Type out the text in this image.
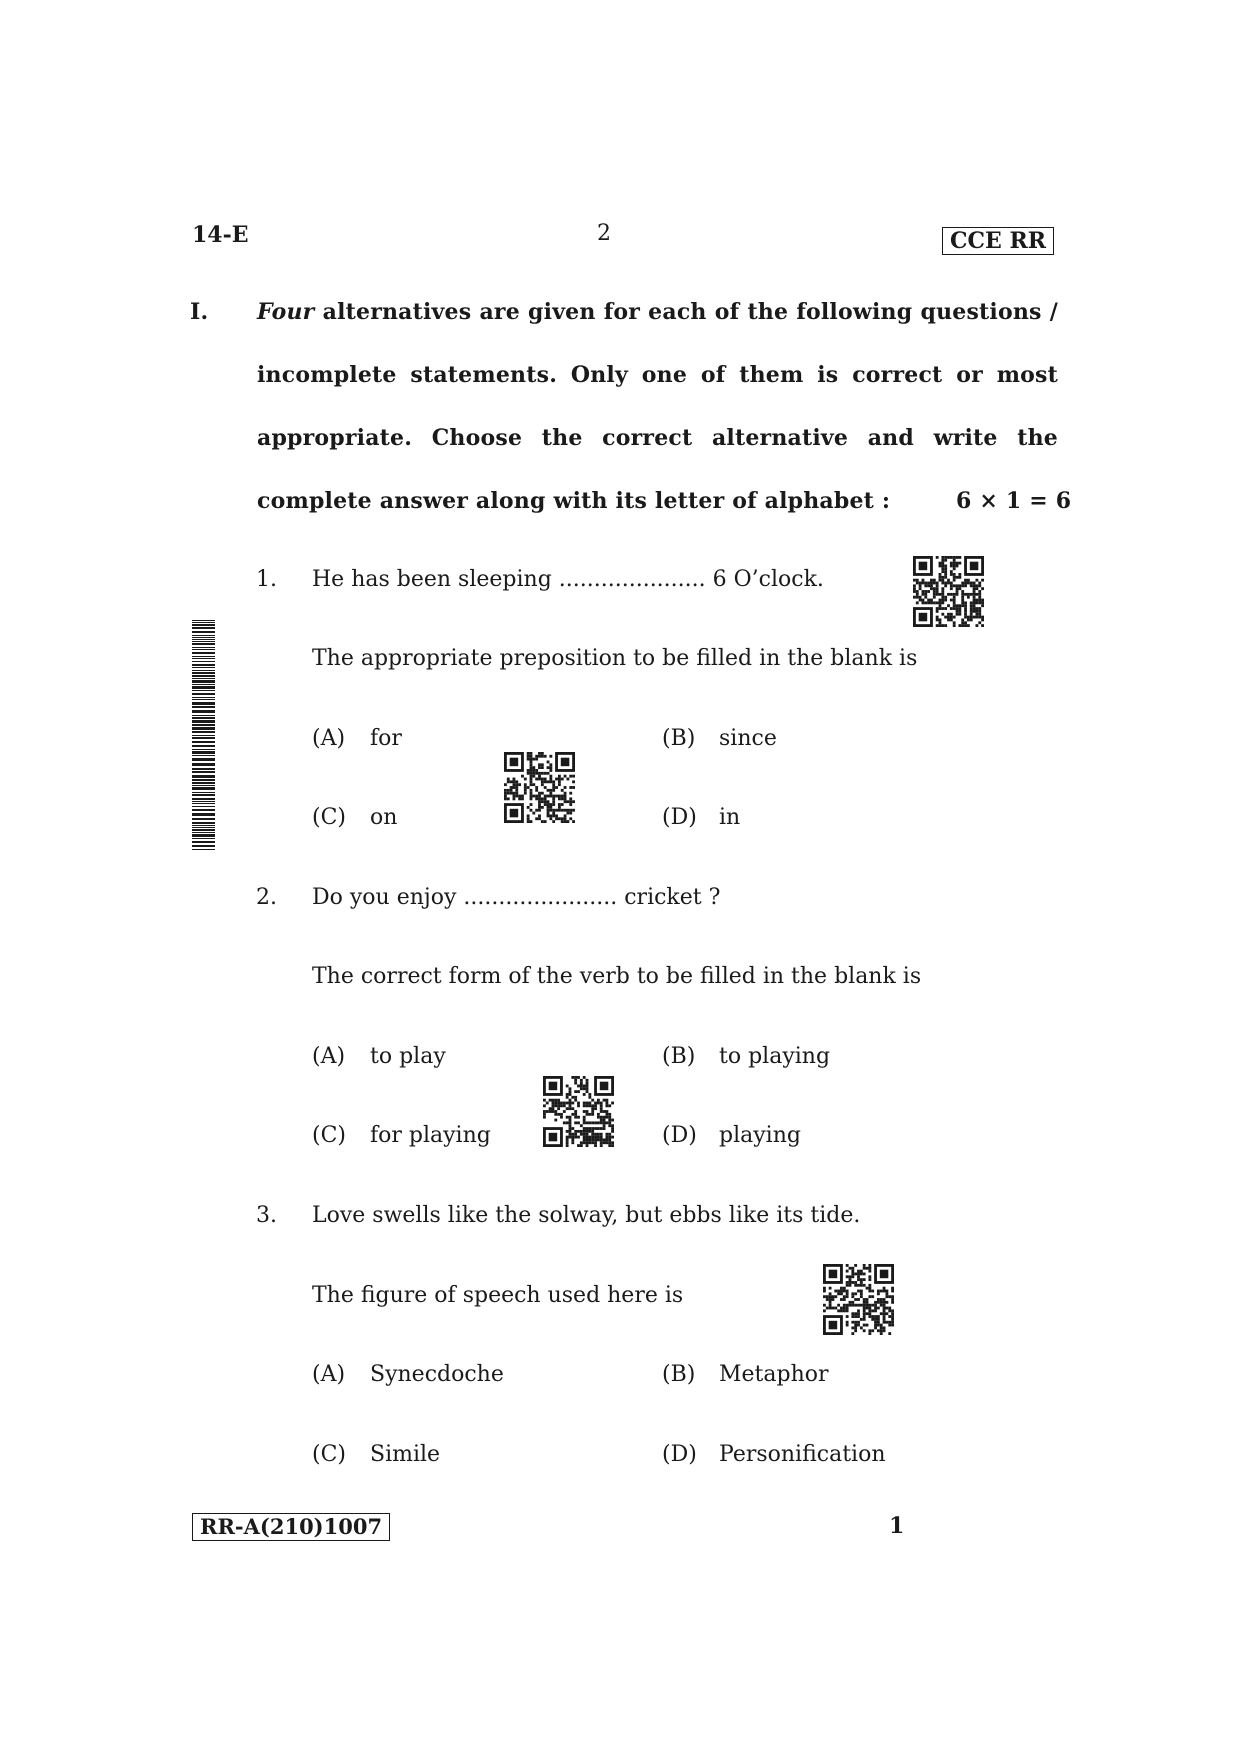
14-E	2	CCE RR
I. Four alternatives are given for each of the following questions /
incomplete statements. Only one of them is correct or most
appropriate. Choose the correct alternative and write the
complete answer along with its letter of alphabet :	6 × 1 = 6
1. He has been sleeping ..................... 6 O’clock.
The appropriate preposition to be filled in the blank is
(A) for	(B) since
(C) on	(D) in
2. Do you enjoy ...................... cricket ?
The correct form of the verb to be filled in the blank is
(A) to play	(B) to playing
(C) for playing	(D) playing
3. Love swells like the solway, but ebbs like its tide.
The figure of speech used here is
(A) Synecdoche	(B) Metaphor
(C) Simile	(D) Personification
RR-A(210)1007	1
